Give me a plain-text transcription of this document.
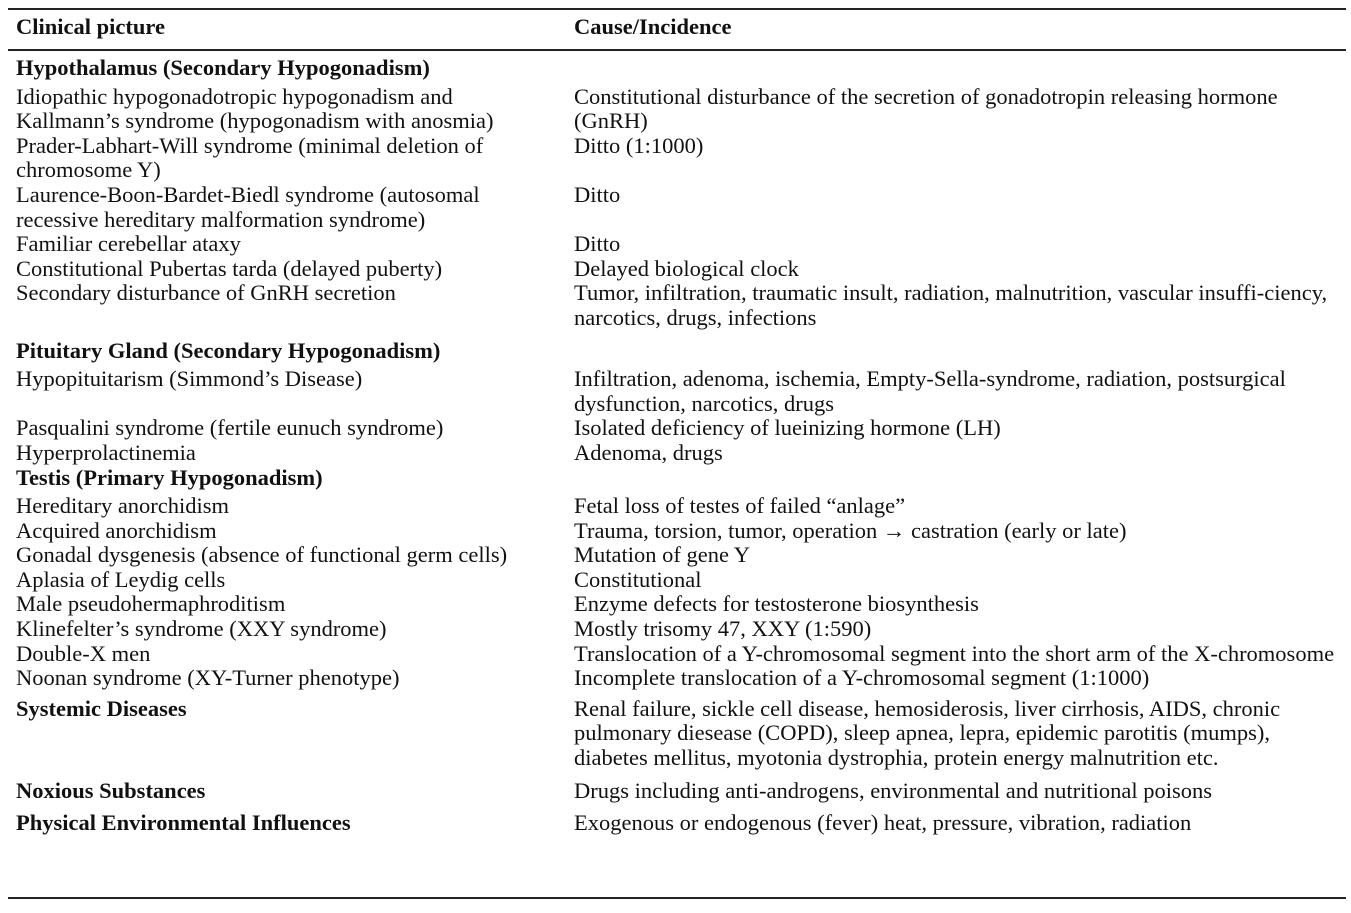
Clinical picture	Cause/Incidence
Hypothalamus (Secondary Hypogonadism)	
Idiopathic hypogonadotropic hypogonadism and Kallmann’s syndrome (hypogonadism with anosmia)	Constitutional disturbance of the secretion of gonadotropin releasing hormone (GnRH)
Prader-Labhart-Will syndrome (minimal deletion of chromosome Y)	Ditto (1:1000)
Laurence-Boon-Bardet-Biedl syndrome (autosomal recessive hereditary malformation syndrome)	Ditto
Familiar cerebellar ataxy	Ditto
Constitutional Pubertas tarda (delayed puberty)	Delayed biological clock
Secondary disturbance of GnRH secretion	Tumor, infiltration, traumatic insult, radiation, malnutrition, vascular insuffi-ciency, narcotics, drugs, infections
Pituitary Gland (Secondary Hypogonadism)	
Hypopituitarism (Simmond’s Disease)	Infiltration, adenoma, ischemia, Empty-Sella-syndrome, radiation, postsurgical dysfunction, narcotics, drugs
Pasqualini syndrome (fertile eunuch syndrome)	Isolated deficiency of lueinizing hormone (LH)
Hyperprolactinemia	Adenoma, drugs
Testis (Primary Hypogonadism)	
Hereditary anorchidism	Fetal loss of testes of failed “anlage”
Acquired anorchidism	Trauma, torsion, tumor, operation → castration (early or late)
Gonadal dysgenesis (absence of functional germ cells)	Mutation of gene Y
Aplasia of Leydig cells	Constitutional
Male pseudohermaphroditism	Enzyme defects for testosterone biosynthesis
Klinefelter’s syndrome (XXY syndrome)	Mostly trisomy 47, XXY (1:590)
Double-X men	Translocation of a Y-chromosomal segment into the short arm of the X-chromosome
Noonan syndrome (XY-Turner phenotype)	Incomplete translocation of a Y-chromosomal segment (1:1000)
Systemic Diseases	Renal failure, sickle cell disease, hemosiderosis, liver cirrhosis, AIDS, chronic pulmonary diesease (COPD), sleep apnea, lepra, epidemic parotitis (mumps), diabetes mellitus, myotonia dystrophia, protein energy malnutrition etc.
Noxious Substances	Drugs including anti-androgens, environmental and nutritional poisons
Physical Environmental Influences	Exogenous or endogenous (fever) heat, pressure, vibration, radiation
